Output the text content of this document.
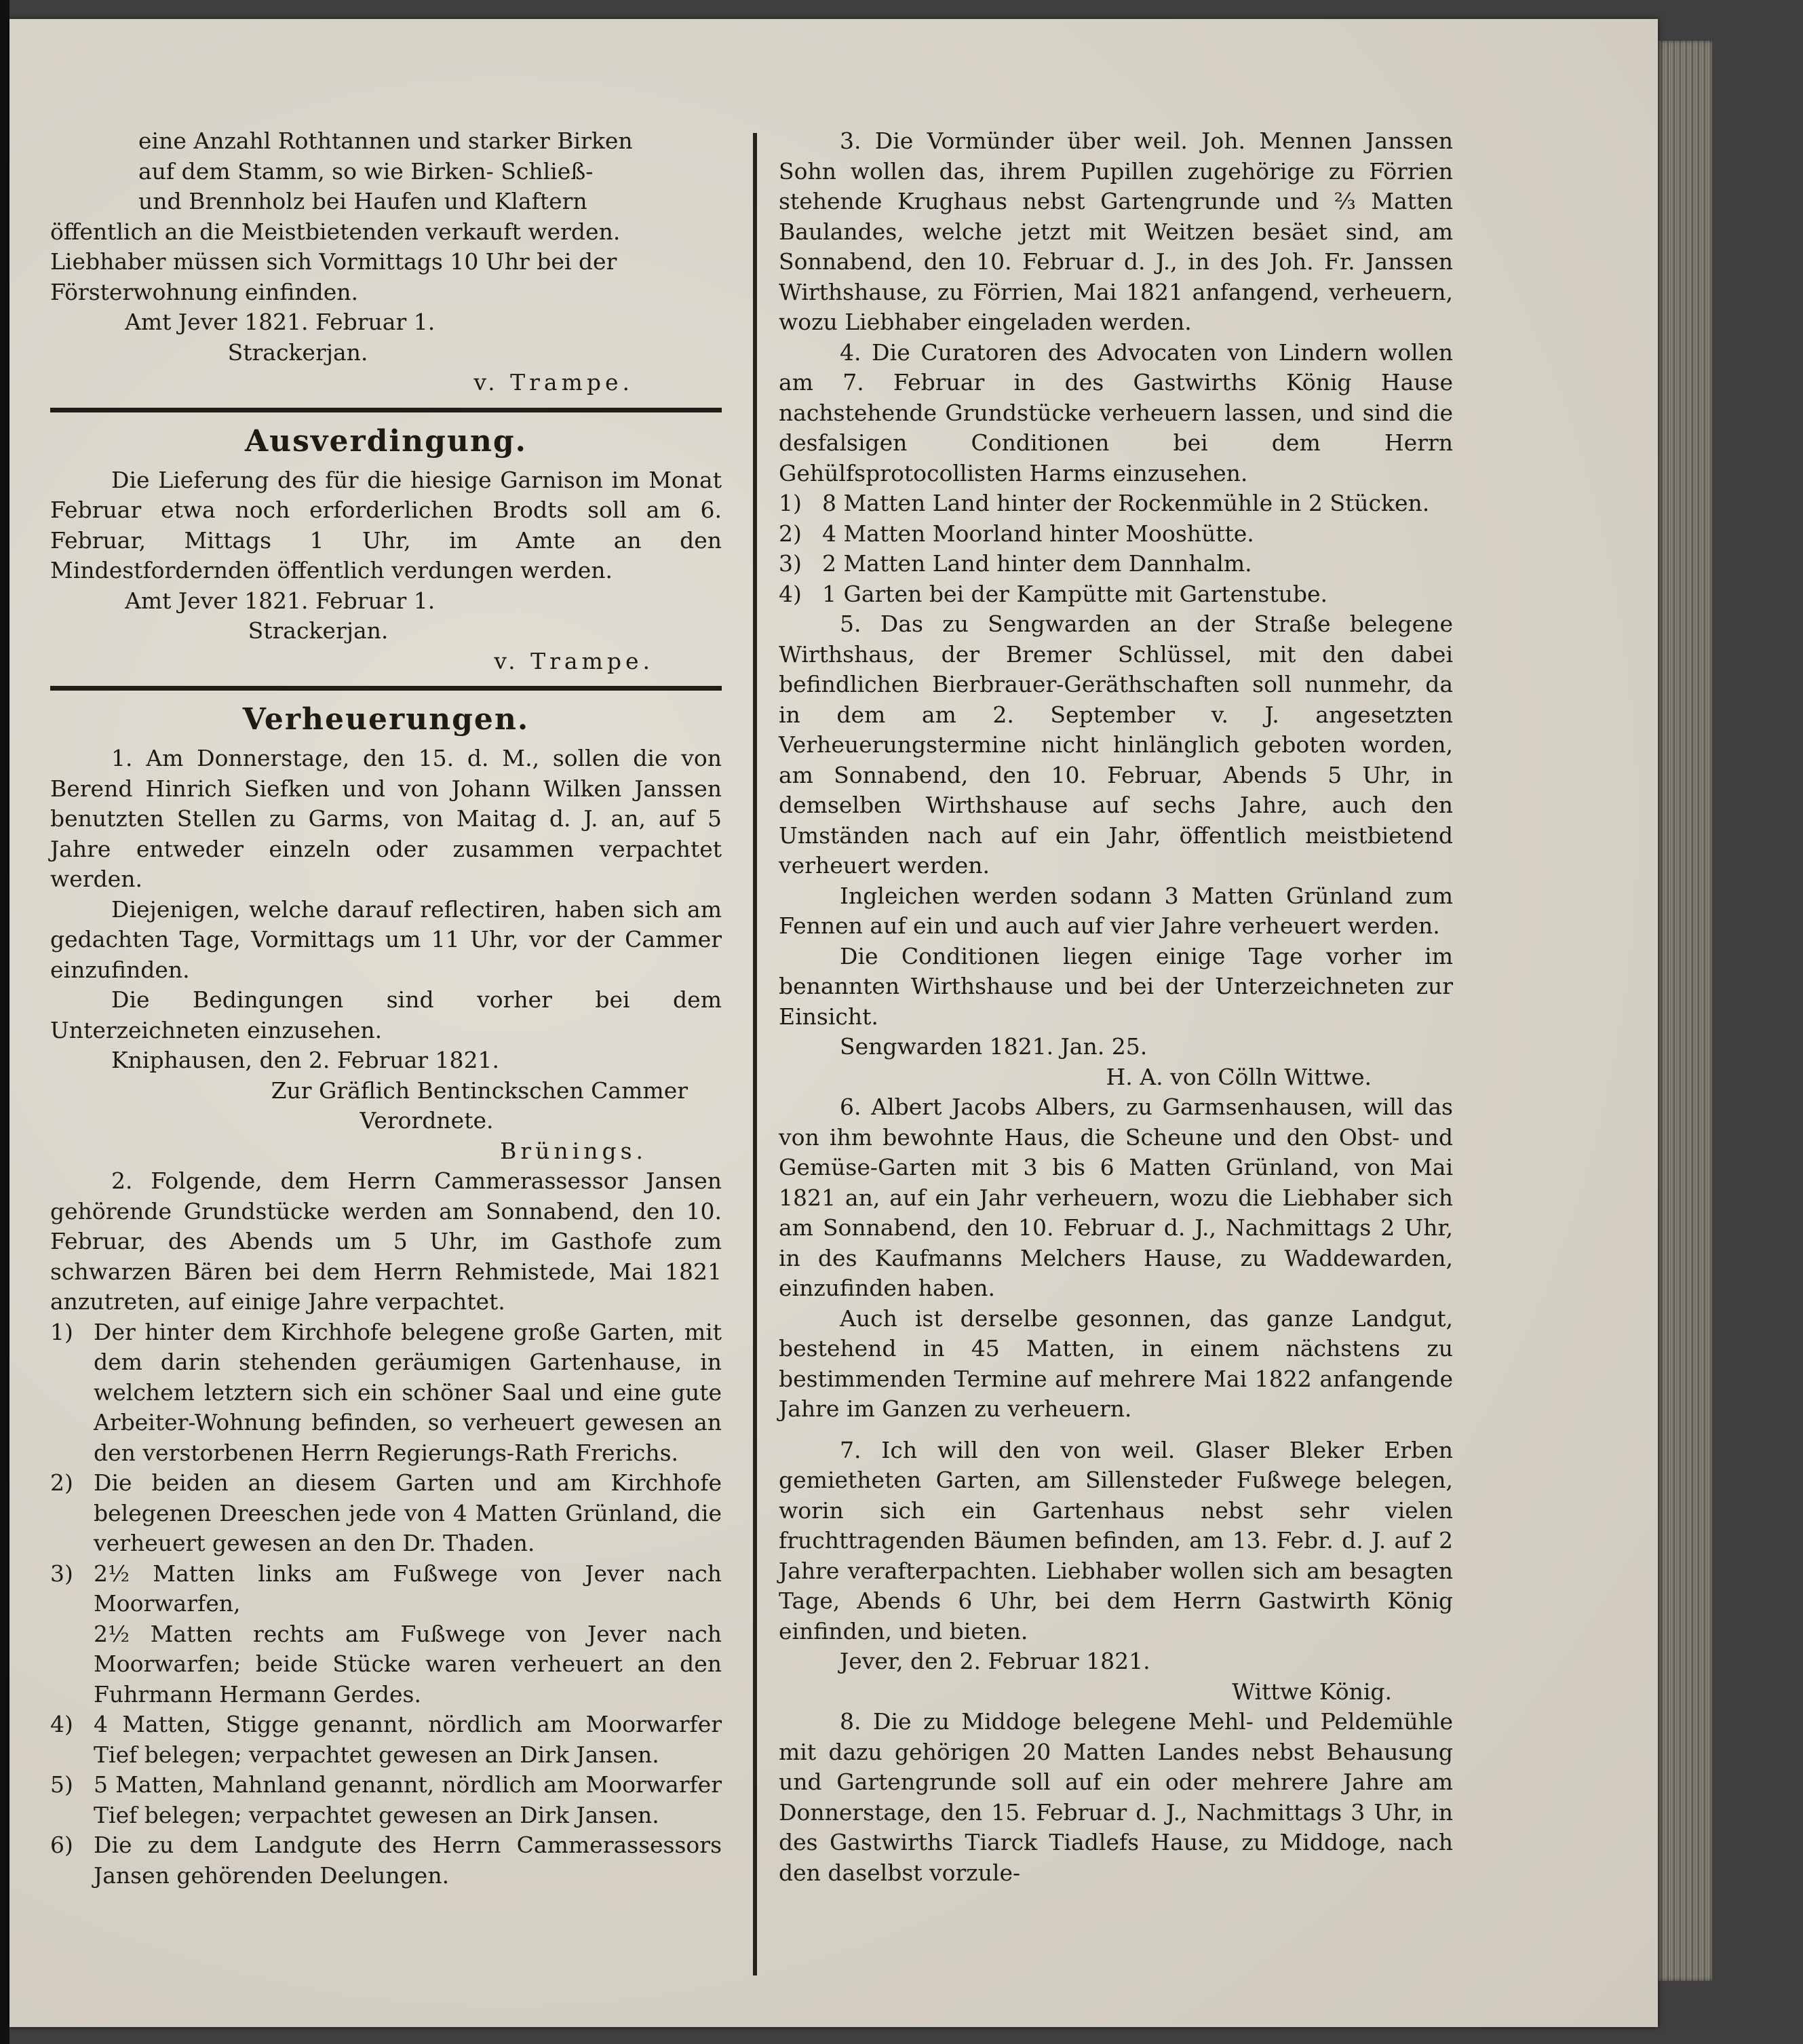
eine Anzahl Rothtannen und starker Birken
auf dem Stamm, so wie Birken- Schließ-
und Brennholz bei Haufen und Klaftern
öffentlich an die Meistbietenden verkauft werden.
Liebhaber müssen sich Vormittags 10 Uhr bei der
Försterwohnung einfinden.

Amt Jever 1821. Februar 1.

Strackerjan.

v. Trampe.

Ausverdingung.

Die Lieferung des für die hiesige Garnison im Monat Februar etwa noch erforderlichen Brodts soll am 6. Februar, Mittags 1 Uhr, im Amte an den Mindestfordernden öffentlich verdungen werden.

Amt Jever 1821. Februar 1.

Strackerjan.

v. Trampe.

Verheuerungen.

1. Am Donnerstage, den 15. d. M., sollen die von Berend Hinrich Siefken und von Johann Wilken Janssen benutzten Stellen zu Garms, von Maitag d. J. an, auf 5 Jahre entweder einzeln oder zusammen verpachtet werden.

Diejenigen, welche darauf reflectiren, haben sich am gedachten Tage, Vormittags um 11 Uhr, vor der Cammer einzufinden.

Die Bedingungen sind vorher bei dem Unterzeichneten einzusehen.

Kniphausen, den 2. Februar 1821.

Zur Gräflich Bentinckschen Cammer

Verordnete.

Brünings.

2. Folgende, dem Herrn Cammerassessor Jansen gehörende Grundstücke werden am Sonnabend, den 10. Februar, des Abends um 5 Uhr, im Gasthofe zum schwarzen Bären bei dem Herrn Rehmistede, Mai 1821 anzutreten, auf einige Jahre verpachtet.

1) Der hinter dem Kirchhofe belegene große Garten, mit dem darin stehenden geräumigen Gartenhause, in welchem letztern sich ein schöner Saal und eine gute Arbeiter-Wohnung befinden, so verheuert gewesen an den verstorbenen Herrn Regierungs-Rath Frerichs.
2) Die beiden an diesem Garten und am Kirchhofe belegenen Dreeschen jede von 4 Matten Grünland, die verheuert gewesen an den Dr. Thaden.
3) 2½ Matten links am Fußwege von Jever nach Moorwarfen,
2½ Matten rechts am Fußwege von Jever nach Moorwarfen; beide Stücke waren verheuert an den Fuhrmann Hermann Gerdes.
4) 4 Matten, Stigge genannt, nördlich am Moorwarfer Tief belegen; verpachtet gewesen an Dirk Jansen.
5) 5 Matten, Mahnland genannt, nördlich am Moorwarfer Tief belegen; verpachtet gewesen an Dirk Jansen.
6) Die zu dem Landgute des Herrn Cammerassessors Jansen gehörenden Deelungen.

3. Die Vormünder über weil. Joh. Mennen Janssen Sohn wollen das, ihrem Pupillen zugehörige zu Förrien stehende Krughaus nebst Gartengrunde und ⅔ Matten Baulandes, welche jetzt mit Weitzen besäet sind, am Sonnabend, den 10. Februar d. J., in des Joh. Fr. Janssen Wirthshause, zu Förrien, Mai 1821 anfangend, verheuern, wozu Liebhaber eingeladen werden.

4. Die Curatoren des Advocaten von Lindern wollen am 7. Februar in des Gastwirths König Hause nachstehende Grundstücke verheuern lassen, und sind die desfalsigen Conditionen bei dem Herrn Gehülfsprotocollisten Harms einzusehen.

1) 8 Matten Land hinter der Rockenmühle in 2 Stücken.
2) 4 Matten Moorland hinter Mooshütte.
3) 2 Matten Land hinter dem Dannhalm.
4) 1 Garten bei der Kampütte mit Gartenstube.

5. Das zu Sengwarden an der Straße belegene Wirthshaus, der Bremer Schlüssel, mit den dabei befindlichen Bierbrauer-Geräthschaften soll nunmehr, da in dem am 2. September v. J. angesetzten Verheuerungstermine nicht hinlänglich geboten worden, am Sonnabend, den 10. Februar, Abends 5 Uhr, in demselben Wirthshause auf sechs Jahre, auch den Umständen nach auf ein Jahr, öffentlich meistbietend verheuert werden.

Ingleichen werden sodann 3 Matten Grünland zum Fennen auf ein und auch auf vier Jahre verheuert werden.

Die Conditionen liegen einige Tage vorher im benannten Wirthshause und bei der Unterzeichneten zur Einsicht.

Sengwarden 1821. Jan. 25.

H. A. von Cölln Wittwe.

6. Albert Jacobs Albers, zu Garmsenhausen, will das von ihm bewohnte Haus, die Scheune und den Obst- und Gemüse-Garten mit 3 bis 6 Matten Grünland, von Mai 1821 an, auf ein Jahr verheuern, wozu die Liebhaber sich am Sonnabend, den 10. Februar d. J., Nachmittags 2 Uhr, in des Kaufmanns Melchers Hause, zu Waddewarden, einzufinden haben.

Auch ist derselbe gesonnen, das ganze Landgut, bestehend in 45 Matten, in einem nächstens zu bestimmenden Termine auf mehrere Mai 1822 anfangende Jahre im Ganzen zu verheuern.

7. Ich will den von weil. Glaser Bleker Erben gemietheten Garten, am Sillensteder Fußwege belegen, worin sich ein Gartenhaus nebst sehr vielen fruchttragenden Bäumen befinden, am 13. Febr. d. J. auf 2 Jahre verafterpachten. Liebhaber wollen sich am besagten Tage, Abends 6 Uhr, bei dem Herrn Gastwirth König einfinden, und bieten.

Jever, den 2. Februar 1821.

Wittwe König.

8. Die zu Middoge belegene Mehl- und Peldemühle mit dazu gehörigen 20 Matten Landes nebst Behausung und Gartengrunde soll auf ein oder mehrere Jahre am Donnerstage, den 15. Februar d. J., Nachmittags 3 Uhr, in des Gastwirths Tiarck Tiadlefs Hause, zu Middoge, nach den daselbst vorzule-
